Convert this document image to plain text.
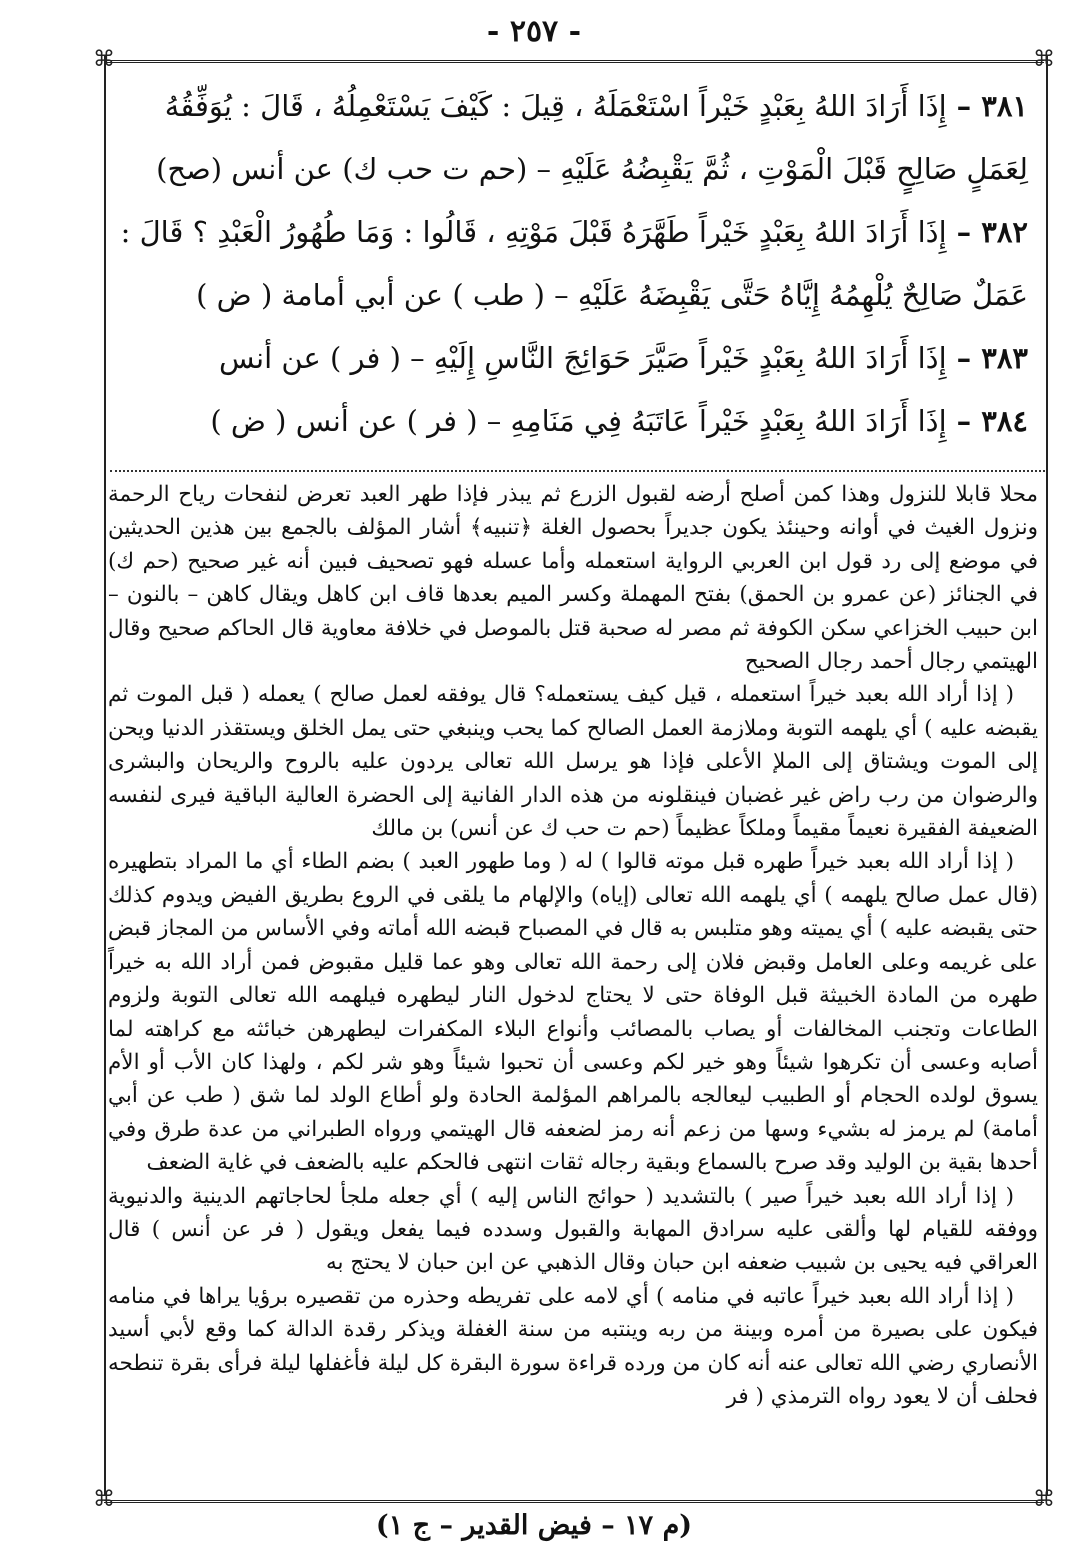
- ٢٥٧ -
⌘	⌘
⌘	⌘

٣٨١ –إِذَا أَرَادَ اللهُ بِعَبْدٍ خَيْراً اسْتَعْمَلَهُ ، قِيلَ : كَيْفَ يَسْتَعْمِلُهُ ، قَالَ : يُوَفِّقُهُ لِعَمَلٍ صَالِحٍ قَبْلَ الْمَوْتِ ، ثُمَّ يَقْبِضُهُ عَلَيْهِ – (حم ت حب ك) عن أنس (صح)

٣٨٢ –إِذَا أَرَادَ اللهُ بِعَبْدٍ خَيْراً طَهَّرَهُ قَبْلَ مَوْتِهِ ، قَالُوا : وَمَا طُهُورُ الْعَبْدِ ؟ قَالَ : عَمَلٌ صَالِحٌ يُلْهِمُهُ إِيَّاهُ حَتَّى يَقْبِضَهُ عَلَيْهِ – ( طب ) عن أبي أمامة ( ض )

٣٨٣ –إِذَا أَرَادَ اللهُ بِعَبْدٍ خَيْراً صَيَّرَ حَوَائِجَ النَّاسِ إِلَيْهِ – ( فر ) عن أنس

٣٨٤ –إِذَا أَرَادَ اللهُ بِعَبْدٍ خَيْراً عَاتَبَهُ فِي مَنَامِهِ – ( فر ) عن أنس ( ض )

محلا قابلا للنزول وهذا كمن أصلح أرضه لقبول الزرع ثم يبذر فإذا طهر العبد تعرض لنفحات رياح الرحمة ونزول الغيث في أوانه وحينئذ يكون جديراً بحصول الغلة ﴿تنبيه﴾ أشار المؤلف بالجمع بين هذين الحديثين في موضع إلى رد قول ابن العربي الرواية استعمله وأما عسله فهو تصحيف فبين أنه غير صحيح (حم ك) في الجنائز (عن عمرو بن الحمق) بفتح المهملة وكسر الميم بعدها قاف ابن كاهل ويقال كاهن – بالنون – ابن حبيب الخزاعي سكن الكوفة ثم مصر له صحبة قتل بالموصل في خلافة معاوية قال الحاكم صحيح وقال الهيتمي رجال أحمد رجال الصحيح

( إذا أراد الله بعبد خيراً استعمله ، قيل كيف يستعمله؟ قال يوفقه لعمل صالح ) يعمله ( قبل الموت ثم يقبضه عليه ) أي يلهمه التوبة وملازمة العمل الصالح كما يحب وينبغي حتى يمل الخلق ويستقذر الدنيا ويحن إلى الموت ويشتاق إلى الملإ الأعلى فإذا هو يرسل الله تعالى يردون عليه بالروح والريحان والبشرى والرضوان من رب راض غير غضبان فينقلونه من هذه الدار الفانية إلى الحضرة العالية الباقية فيرى لنفسه الضعيفة الفقيرة نعيماً مقيماً وملكاً عظيماً (حم ت حب ك عن أنس) بن مالك

( إذا أراد الله بعبد خيراً طهره قبل موته قالوا ) له ( وما طهور العبد ) بضم الطاء أي ما المراد بتطهيره (قال عمل صالح يلهمه ) أي يلهمه الله تعالى (إياه) والإلهام ما يلقى في الروع بطريق الفيض ويدوم كذلك حتى يقبضه عليه ) أي يميته وهو متلبس به قال في المصباح قبضه الله أماته وفي الأساس من المجاز قبض على غريمه وعلى العامل وقبض فلان إلى رحمة الله تعالى وهو عما قليل مقبوض فمن أراد الله به خيراً طهره من المادة الخبيثة قبل الوفاة حتى لا يحتاج لدخول النار ليطهره فيلهمه الله تعالى التوبة ولزوم الطاعات وتجنب المخالفات أو يصاب بالمصائب وأنواع البلاء المكفرات ليطهرهن خبائثه مع كراهته لما أصابه وعسى أن تكرهوا شيئاً وهو خير لكم وعسى أن تحبوا شيئاً وهو شر لكم ، ولهذا كان الأب أو الأم يسوق لولده الحجام أو الطبيب ليعالجه بالمراهم المؤلمة الحادة ولو أطاع الولد لما شق ( طب عن أبي أمامة) لم يرمز له بشيء وسها من زعم أنه رمز لضعفه قال الهيتمي ورواه الطبراني من عدة طرق وفي أحدها بقية بن الوليد وقد صرح بالسماع وبقية رجاله ثقات انتهى فالحكم عليه بالضعف في غاية الضعف

( إذا أراد الله بعبد خيراً صير ) بالتشديد ( حوائج الناس إليه ) أي جعله ملجأ لحاجاتهم الدينية والدنيوية ووفقه للقيام لها وألقى عليه سرادق المهابة والقبول وسدده فيما يفعل ويقول ( فر عن أنس ) قال العراقي فيه يحيى بن شبيب ضعفه ابن حبان وقال الذهبي عن ابن حبان لا يحتج به

( إذا أراد الله بعبد خيراً عاتبه في منامه ) أي لامه على تفريطه وحذره من تقصيره برؤيا يراها في منامه فيكون على بصيرة من أمره وبينة من ربه وينتبه من سنة الغفلة ويذكر رقدة الدالة كما وقع لأبي أسيد الأنصاري رضي الله تعالى عنه أنه كان من ورده قراءة سورة البقرة كل ليلة فأغفلها ليلة فرأى بقرة تنطحه فحلف أن لا يعود رواه الترمذي ( فر

(م ١٧ – فيض القدير – ج ١)
